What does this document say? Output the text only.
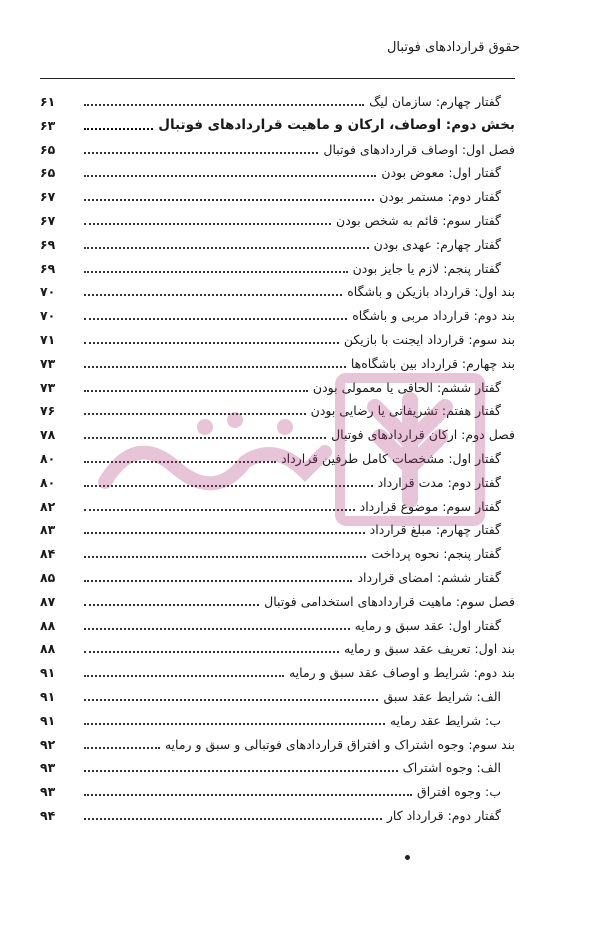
حقوق قراردادهای فوتبال
گفتار چهارم: سازمان لیگ
۶۱
بخش دوم: اوصاف، ارکان و ماهیت قراردادهای فوتبال
۶۳
فصل اول: اوصاف قراردادهای فوتبال
۶۵
گفتار اول: معوض بودن
۶۵
گفتار دوم: مستمر بودن
۶۷
گفتار سوم: قائم به شخص بودن
۶۷
گفتار چهارم: عهدی بودن
۶۹
گفتار پنجم: لازم یا جایز بودن
۶۹
بند اول: قرارداد بازیکن و باشگاه
۷۰
بند دوم: قرارداد مربی و باشگاه
۷۰
بند سوم: قرارداد ایجنت با بازیکن
۷۱
بند چهارم: قرارداد بین باشگاه‌ها
۷۳
گفتار ششم: الحاقی یا معمولی بودن
۷۳
گفتار هفتم: تشریفاتی یا رضایی بودن
۷۶
فصل دوم: ارکان قراردادهای فوتبال
۷۸
گفتار اول: مشخصات کامل طرفین قرارداد
۸۰
گفتار دوم: مدت قرارداد
۸۰
گفتار سوم: موضوع قرارداد
۸۲
گفتار چهارم: مبلغ قرارداد
۸۳
گفتار پنجم: نحوه پرداخت
۸۴
گفتار ششم: امضای قرارداد
۸۵
فصل سوم: ماهیت قراردادهای استخدامی فوتبال
۸۷
گفتار اول: عقد سبق و رمایه
۸۸
بند اول: تعریف عقد سبق و رمایه
۸۸
بند دوم: شرایط و اوصاف عقد سبق و رمایه
۹۱
الف: شرایط عقد سبق
۹۱
ب: شرایط عقد رمایه
۹۱
بند سوم: وجوه اشتراک و افتراق قراردادهای فوتبالی و سبق و رمایه
۹۲
الف: وجوه اشتراک
۹۳
ب: وجوه افتراق
۹۳
گفتار دوم: قرارداد کار
۹۴
